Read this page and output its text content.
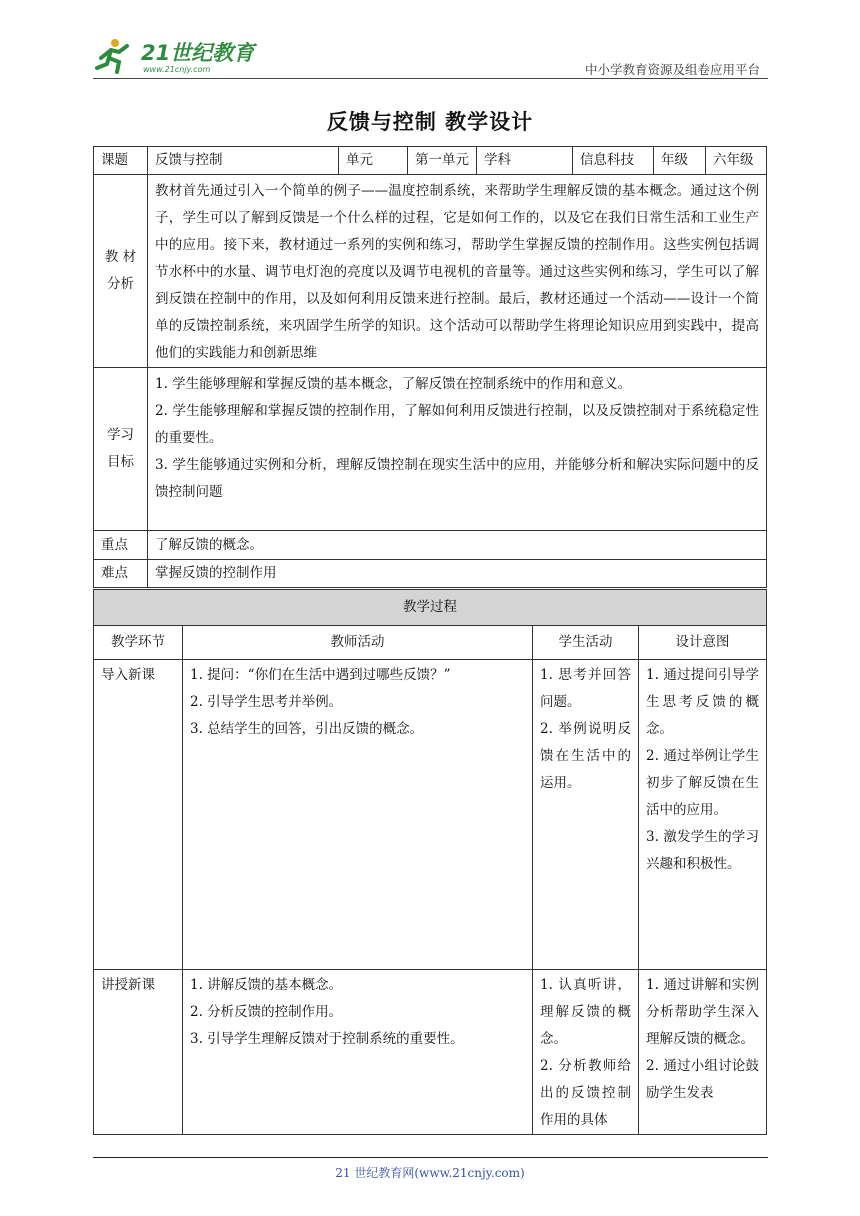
21世纪教育
www.21cnjy.com	中小学教育资源及组卷应用平台
反馈与控制 教学设计
课题	反馈与控制	单元	第一单元	学科	信息科技	年级	六年级

教 材
分析	教材首先通过引入一个简单的例子——温度控制系统，来帮助学生理解反馈的基本概念。通过这个例子，学生可以了解到反馈是一个什么样的过程，它是如何工作的，以及它在我们日常生活和工业生产中的应用。接下来，教材通过一系列的实例和练习，帮助学生掌握反馈的控制作用。这些实例包括调节水杯中的水量、调节电灯泡的亮度以及调节电视机的音量等。通过这些实例和练习，学生可以了解到反馈在控制中的作用，以及如何利用反馈来进行控制。最后，教材还通过一个活动——设计一个简单的反馈控制系统，来巩固学生所学的知识。这个活动可以帮助学生将理论知识应用到实践中，提高他们的实践能力和创新思维						

学习
目标	1. 学生能够理解和掌握反馈的基本概念，了解反馈在控制系统中的作用和意义。
2. 学生能够理解和掌握反馈的控制作用，了解如何利用反馈进行控制，以及反馈控制对于系统稳定性的重要性。
3. 学生能够通过实例和分析，理解反馈控制在现实生活中的应用，并能够分析和解决实际问题中的反馈控制问题						

重点	了解反馈的概念。						
难点	掌握反馈的控制作用						
教学过程			
教学环节	教师活动	学生活动	设计意图
导入新课	1. 提问：“你们在生活中遇到过哪些反馈？”
2. 引导学生思考并举例。
3. 总结学生的回答，引出反馈的概念。	1. 思考并回答问题。
2. 举例说明反馈在生活中的运用。	1. 通过提问引导学生思考反馈的概念。
2. 通过举例让学生初步了解反馈在生活中的应用。
3. 激发学生的学习兴趣和积极性。

讲授新课	1. 讲解反馈的基本概念。
2. 分析反馈的控制作用。
3. 引导学生理解反馈对于控制系统的重要性。	1. 认真听讲，理解反馈的概念。
2. 分析教师给出的反馈控制作用的具体	1. 通过讲解和实例分析帮助学生深入理解反馈的概念。
2. 通过小组讨论鼓励学生发表
21 世纪教育网(www.21cnjy.com)
